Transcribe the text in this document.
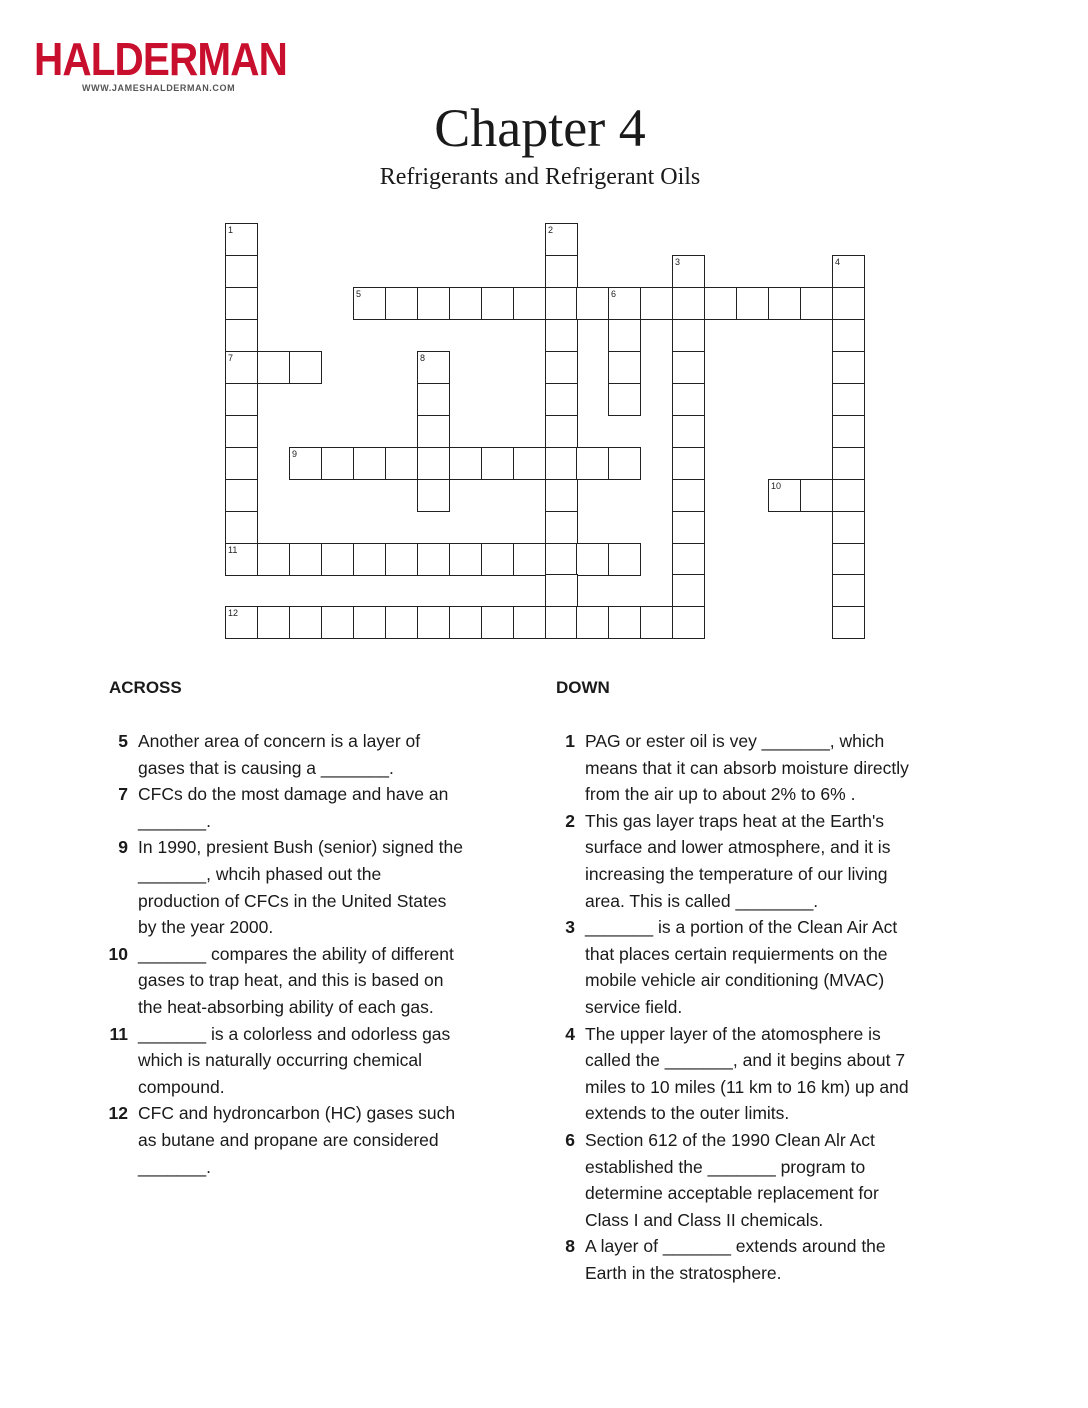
HALDERMAN
WWW.JAMESHALDERMAN.COM
Chapter 4
Refrigerants and Refrigerant Oils
5	6
7
9
10
11
12
1	2
3	4
8
ACROSS	DOWN
5 Another area of concern is a layer of
gases that is causing a _______.
7 CFCs do the most damage and have an
_______.
9 In 1990, presient Bush (senior) signed the
_______, whcih phased out the
production of CFCs in the United States
by the year 2000.
10 _______ compares the ability of different
gases to trap heat, and this is based on
the heat-absorbing ability of each gas.
11 _______ is a colorless and odorless gas
which is naturally occurring chemical
compound.
12 CFC and hydroncarbon (HC) gases such
as butane and propane are considered
_______.
1 PAG or ester oil is vey _______, which
means that it can absorb moisture directly
from the air up to about 2% to 6% .
2 This gas layer traps heat at the Earth's
surface and lower atmosphere, and it is
increasing the temperature of our living
area. This is called ________.
3 _______ is a portion of the Clean Air Act
that places certain requierments on the
mobile vehicle air conditioning (MVAC)
service field.
4 The upper layer of the atomosphere is
called the _______, and it begins about 7
miles to 10 miles (11 km to 16 km) up and
extends to the outer limits.
6 Section 612 of the 1990 Clean Alr Act
established the _______ program to
determine acceptable replacement for
Class I and Class II chemicals.
8 A layer of _______ extends around the
Earth in the stratosphere.
